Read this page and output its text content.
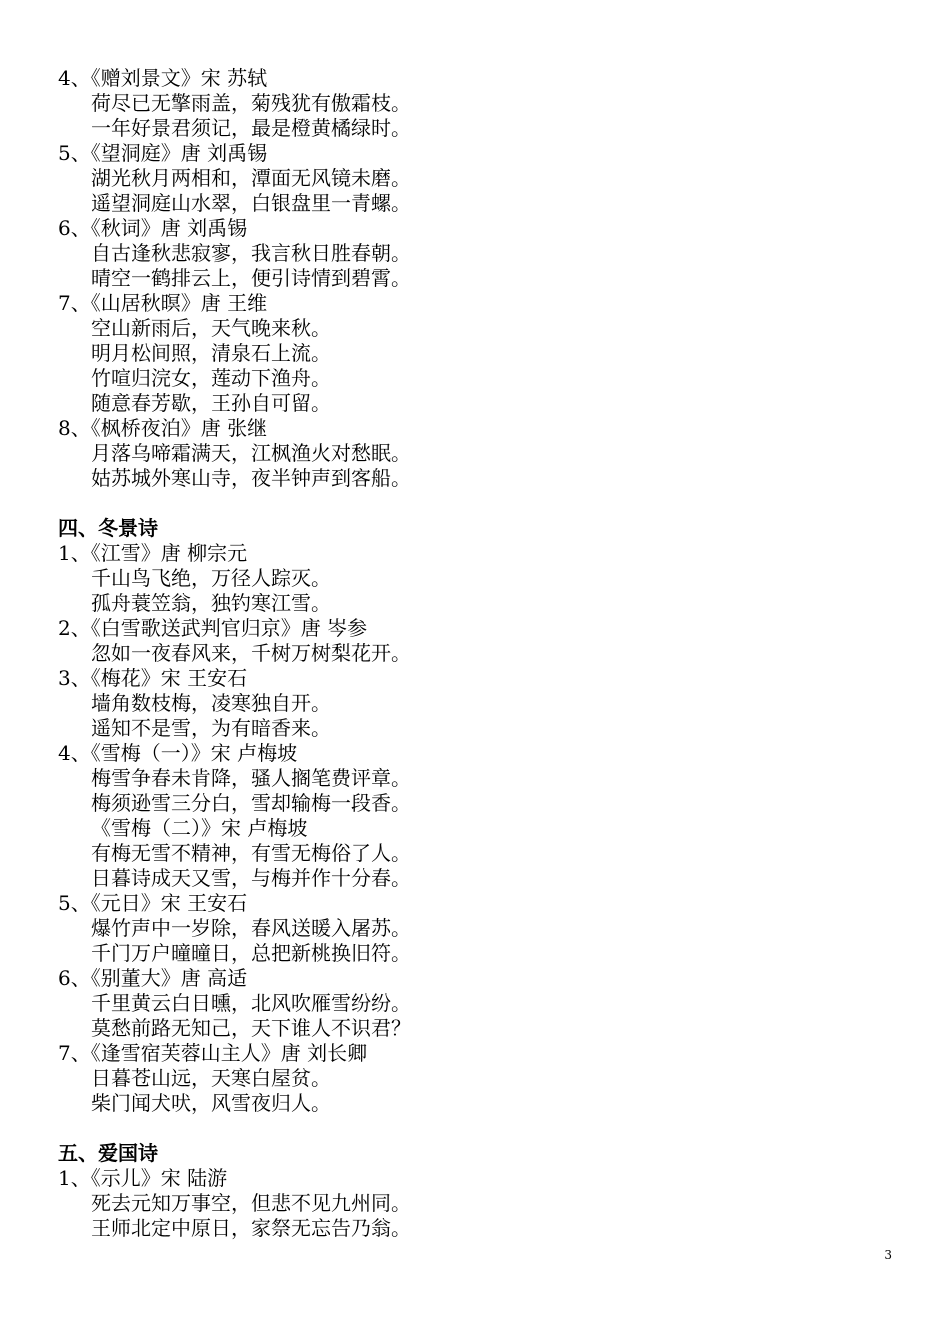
4、《赠刘景文》宋 苏轼
荷尽已无擎雨盖，菊残犹有傲霜枝。
一年好景君须记，最是橙黄橘绿时。
5、《望洞庭》唐 刘禹锡
湖光秋月两相和，潭面无风镜未磨。
遥望洞庭山水翠，白银盘里一青螺。
6、《秋词》唐 刘禹锡
自古逢秋悲寂寥，我言秋日胜春朝。
晴空一鹤排云上，便引诗情到碧霄。
7、《山居秋暝》唐 王维
空山新雨后，天气晚来秋。
明月松间照，清泉石上流。
竹喧归浣女，莲动下渔舟。
随意春芳歇，王孙自可留。
8、《枫桥夜泊》唐 张继
月落乌啼霜满天，江枫渔火对愁眠。
姑苏城外寒山寺，夜半钟声到客船。
四、冬景诗
1、《江雪》唐 柳宗元
千山鸟飞绝，万径人踪灭。
孤舟蓑笠翁，独钓寒江雪。
2、《白雪歌送武判官归京》唐 岑参
忽如一夜春风来，千树万树梨花开。
3、《梅花》宋 王安石
墙角数枝梅，凌寒独自开。
遥知不是雪，为有暗香来。
4、《雪梅（一）》宋 卢梅坡
梅雪争春未肯降，骚人搁笔费评章。
梅须逊雪三分白，雪却输梅一段香。
《雪梅（二）》宋 卢梅坡
有梅无雪不精神，有雪无梅俗了人。
日暮诗成天又雪，与梅并作十分春。
5、《元日》宋 王安石
爆竹声中一岁除，春风送暖入屠苏。
千门万户曈曈日，总把新桃换旧符。
6、《别董大》唐 高适
千里黄云白日曛，北风吹雁雪纷纷。
莫愁前路无知己，天下谁人不识君？
7、《逢雪宿芙蓉山主人》唐 刘长卿
日暮苍山远，天寒白屋贫。
柴门闻犬吠，风雪夜归人。
五、爱国诗
1、《示儿》宋 陆游
死去元知万事空，但悲不见九州同。
王师北定中原日，家祭无忘告乃翁。
3
